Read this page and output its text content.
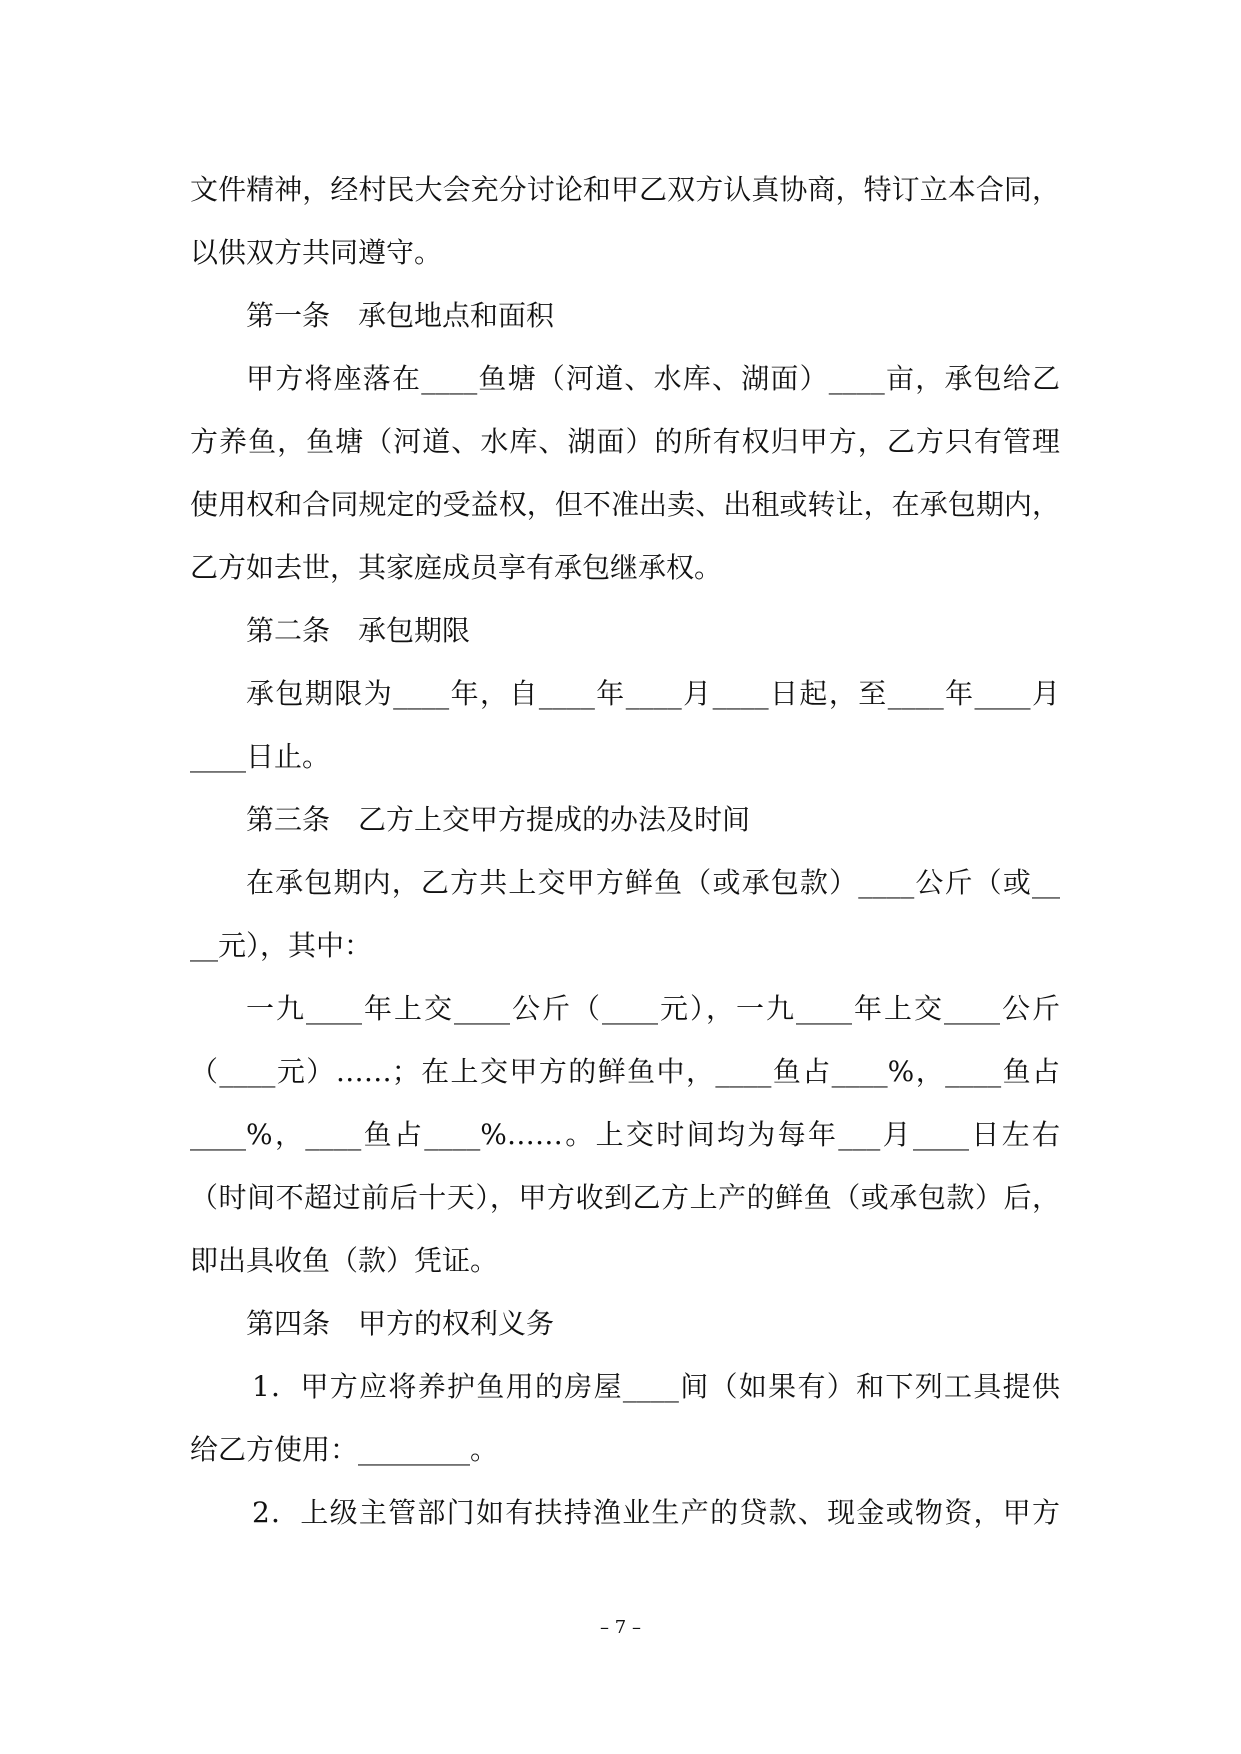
文件精神，经村民大会充分讨论和甲乙双方认真协商，特订立本合同，
以供双方共同遵守。
第一条　承包地点和面积
甲方将座落在____鱼塘（河道、水库、湖面）____亩，承包给乙
方养鱼，鱼塘（河道、水库、湖面）的所有权归甲方，乙方只有管理
使用权和合同规定的受益权，但不准出卖、出租或转让，在承包期内，
乙方如去世，其家庭成员享有承包继承权。
第二条　承包期限
承包期限为____年，自____年____月____日起，至____年____月
____日止。
第三条　乙方上交甲方提成的办法及时间
在承包期内，乙方共上交甲方鲜鱼（或承包款）____公斤（或__
__元），其中：
一九____年上交____公斤（____元），一九____年上交____公斤
（____元）……；在上交甲方的鲜鱼中，____鱼占____%，____鱼占
____%，____鱼占____%……。上交时间均为每年___月____日左右
（时间不超过前后十天），甲方收到乙方上产的鲜鱼（或承包款）后，
即出具收鱼（款）凭证。
第四条　甲方的权利义务
1．甲方应将养护鱼用的房屋____间（如果有）和下列工具提供
给乙方使用：________。
2．上级主管部门如有扶持渔业生产的贷款、现金或物资，甲方
– 7 –
